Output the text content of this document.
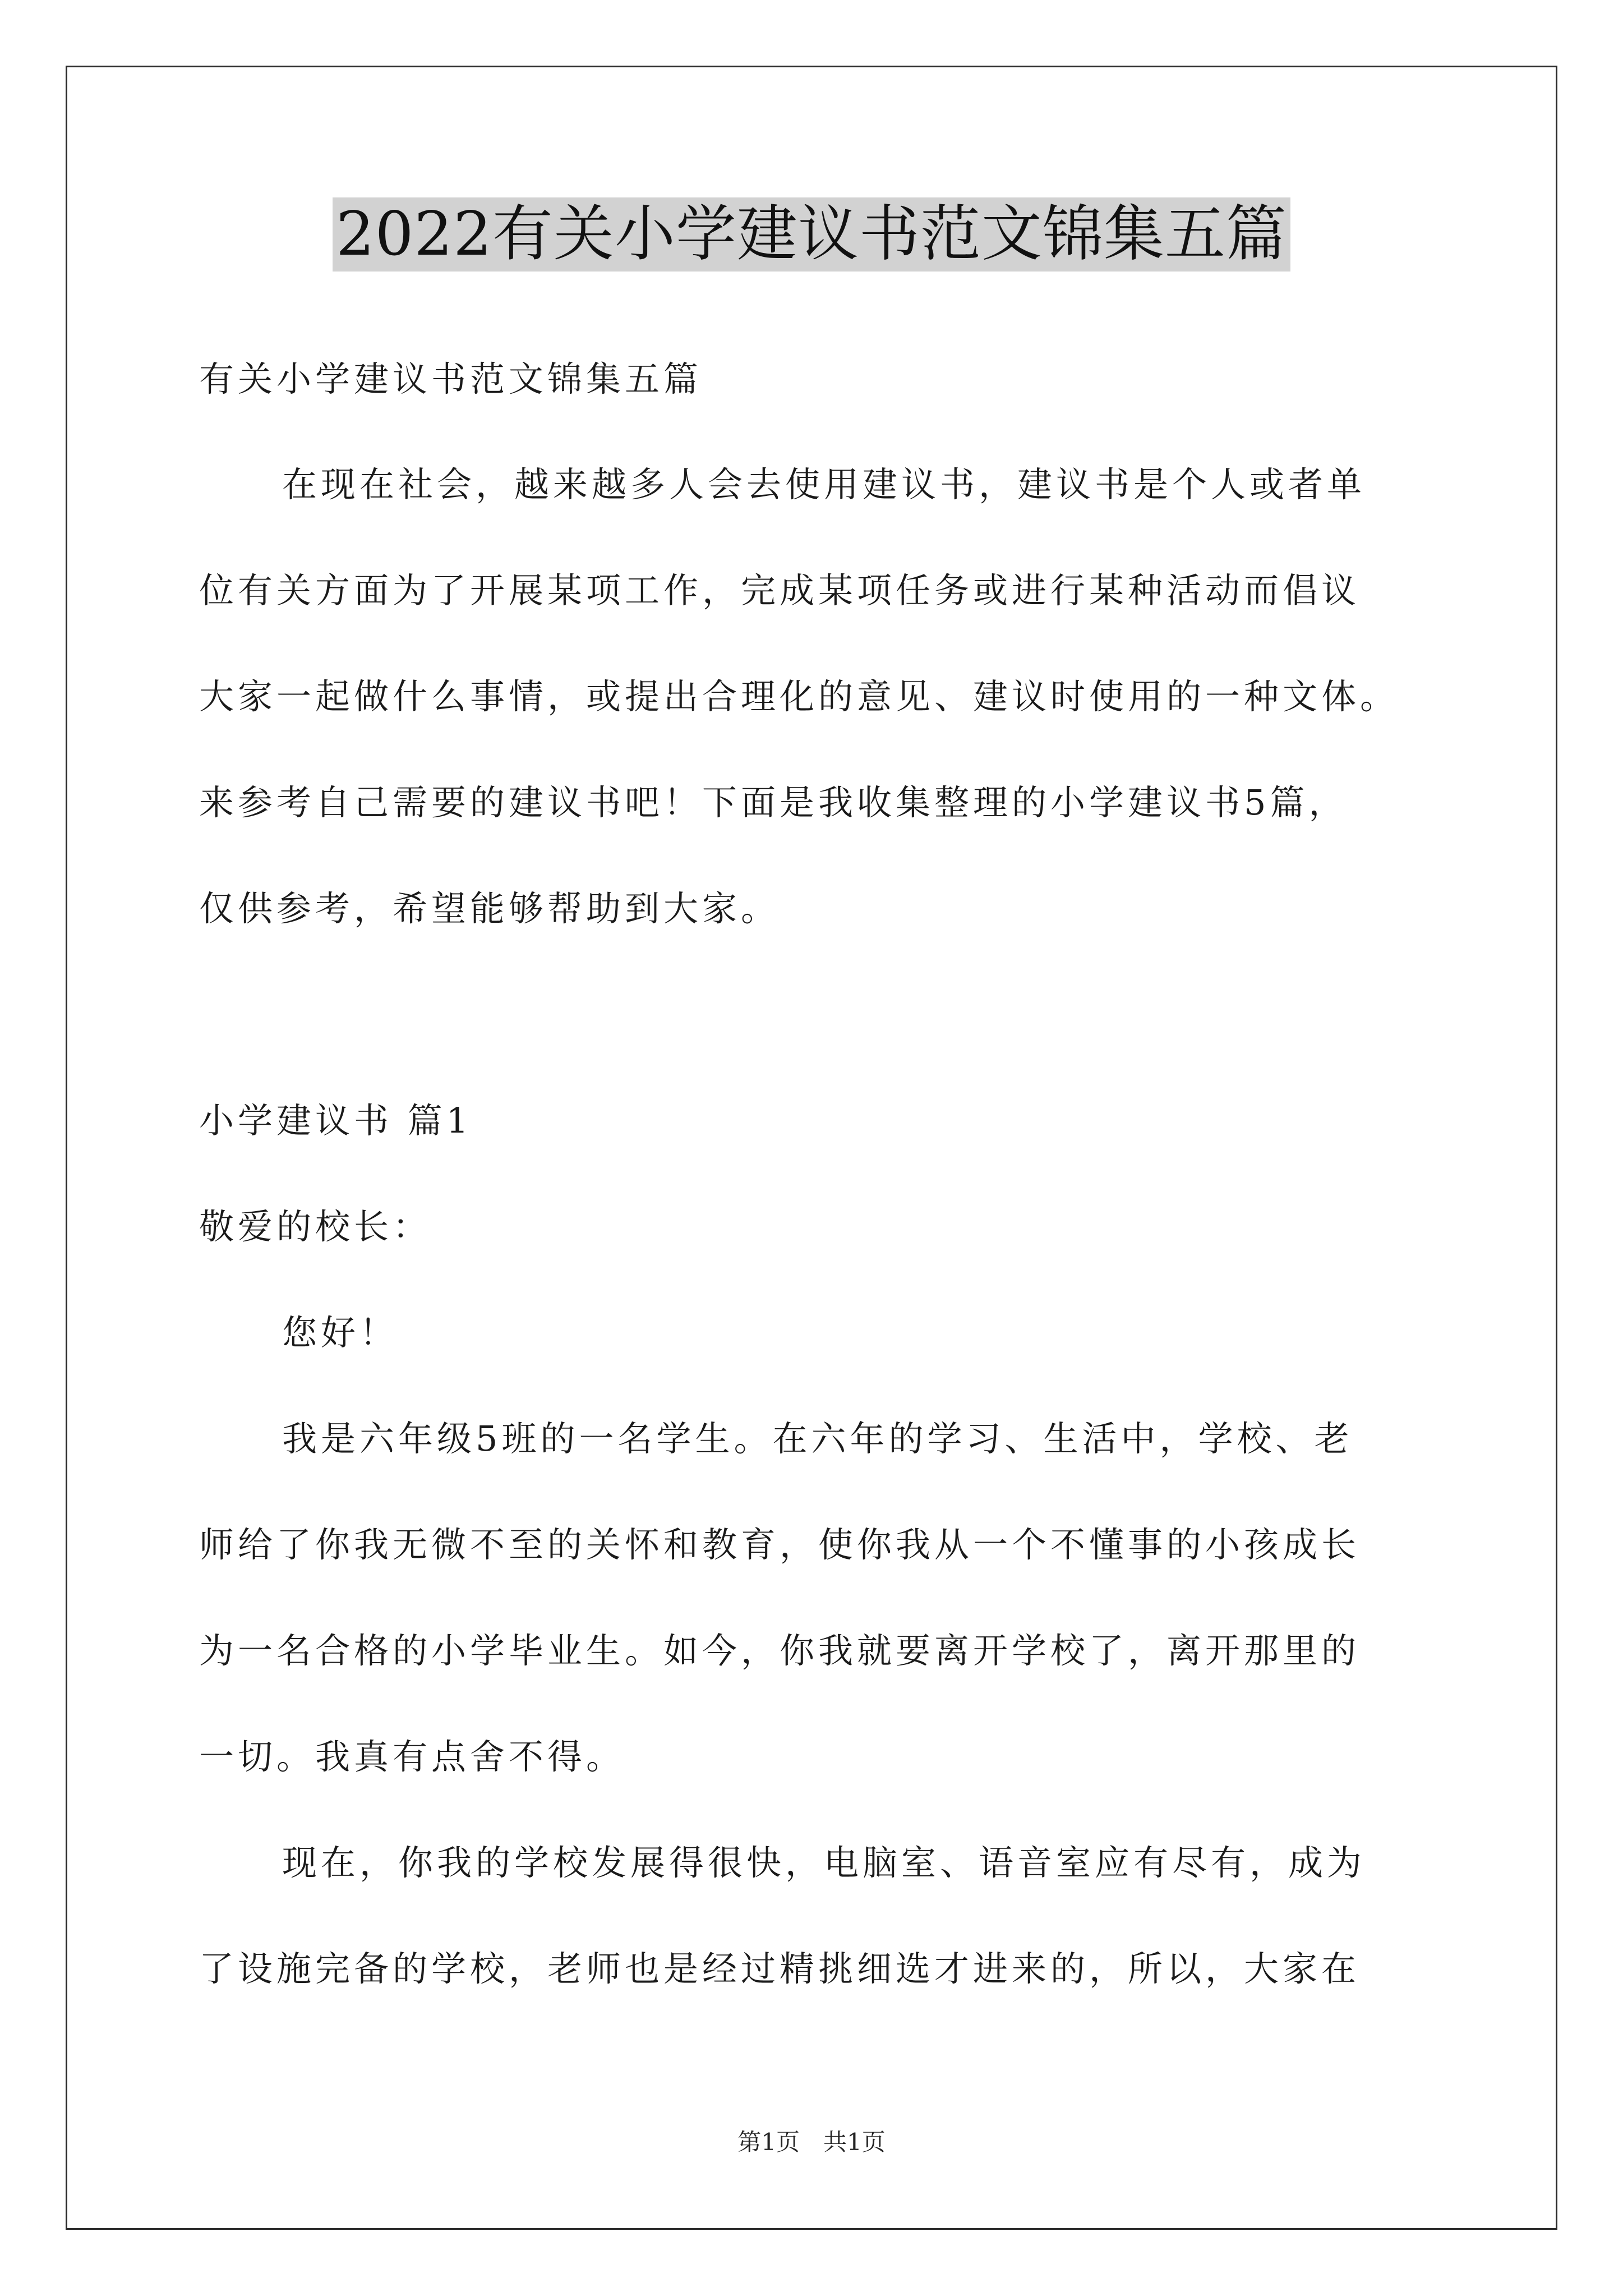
2022有关小学建议书范文锦集五篇
有关小学建议书范文锦集五篇
在现在社会，越来越多人会去使用建议书，建议书是个人或者单
位有关方面为了开展某项工作，完成某项任务或进行某种活动而倡议
大家一起做什么事情，或提出合理化的意见、建议时使用的一种文体。
来参考自己需要的建议书吧！下面是我收集整理的小学建议书5篇，
仅供参考，希望能够帮助到大家。
小学建议书 篇1
敬爱的校长：
您好！
我是六年级5班的一名学生。在六年的学习、生活中，学校、老
师给了你我无微不至的关怀和教育，使你我从一个不懂事的小孩成长
为一名合格的小学毕业生。如今，你我就要离开学校了，离开那里的
一切。我真有点舍不得。
现在，你我的学校发展得很快，电脑室、语音室应有尽有，成为
了设施完备的学校，老师也是经过精挑细选才进来的，所以，大家在
第1页　共1页
